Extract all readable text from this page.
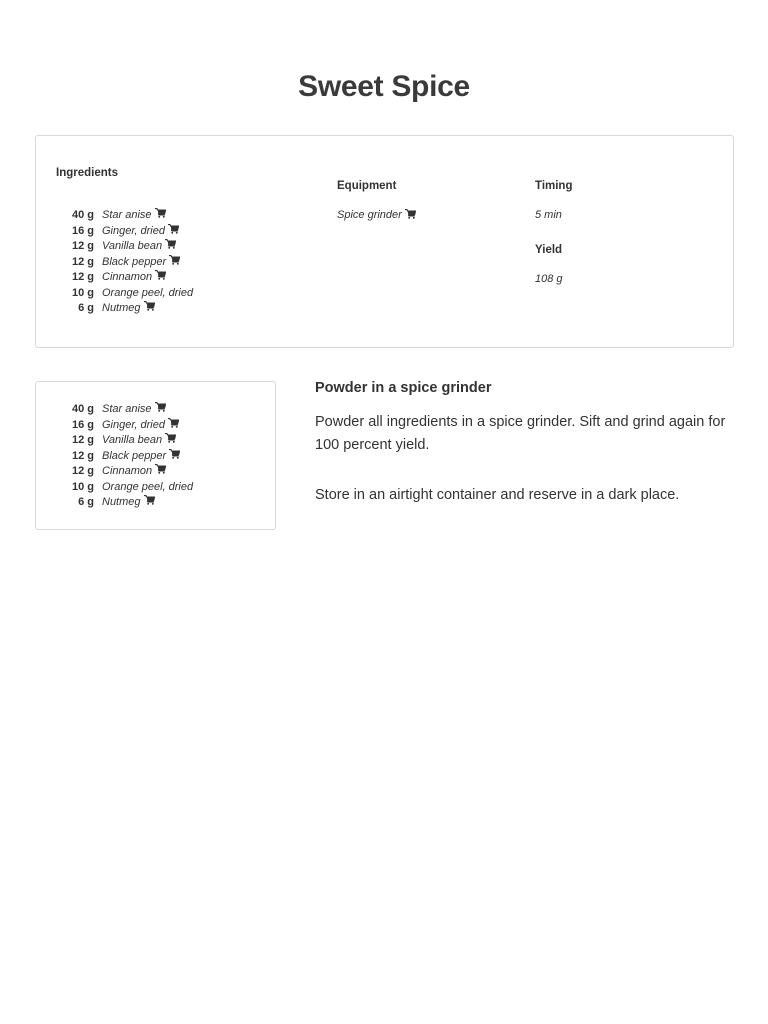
Sweet Spice
Ingredients
40 g Star anise
16 g Ginger, dried
12 g Vanilla bean
12 g Black pepper
12 g Cinnamon
10 g Orange peel, dried
6 g Nutmeg
Equipment
Spice grinder
Timing
5 min
Yield
108 g
40 g Star anise
16 g Ginger, dried
12 g Vanilla bean
12 g Black pepper
12 g Cinnamon
10 g Orange peel, dried
6 g Nutmeg
Powder in a spice grinder

Powder all ingredients in a spice grinder. Sift and grind again for 100 percent yield.

Store in an airtight container and reserve in a dark place.
